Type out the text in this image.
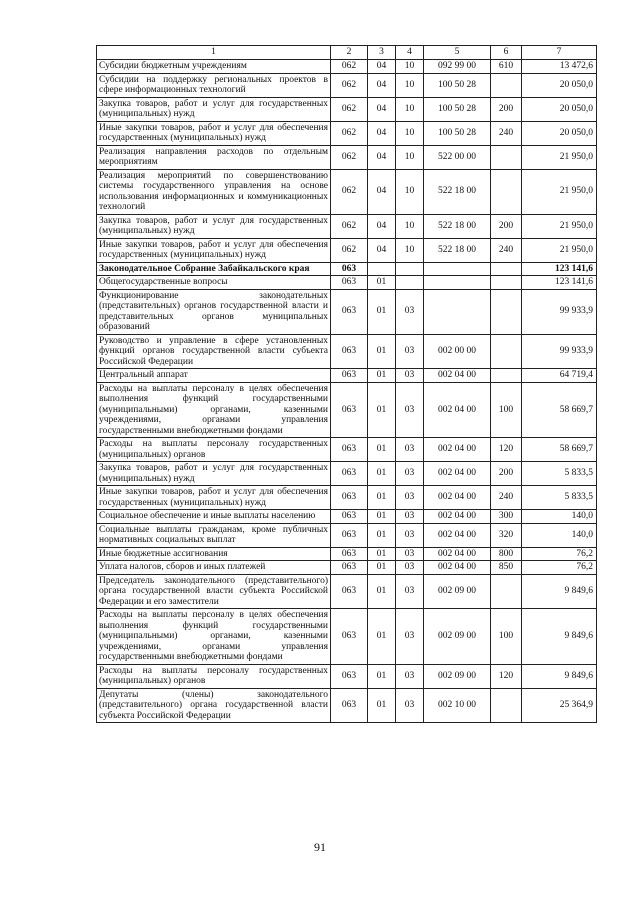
1	2	3	4	5	6	7
Субсидии бюджетным учреждениям	062	04	10	092 99 00	610	13 472,6
Субсидии на поддержку региональных проектов в сфере информационных технологий	062	04	10	100 50 28		20 050,0
Закупка товаров, работ и услуг для государственных (муниципальных) нужд	062	04	10	100 50 28	200	20 050,0
Иные закупки товаров, работ и услуг для обеспечения государственных (муниципальных) нужд	062	04	10	100 50 28	240	20 050,0
Реализация направления расходов по отдельным мероприятиям	062	04	10	522 00 00		21 950,0
Реализация мероприятий по совершенствованию системы государственного управления на основе использования информационных и коммуникационных технологий	062	04	10	522 18 00		21 950,0
Закупка товаров, работ и услуг для государственных (муниципальных) нужд	062	04	10	522 18 00	200	21 950,0
Иные закупки товаров, работ и услуг для обеспечения государственных (муниципальных) нужд	062	04	10	522 18 00	240	21 950,0
Законодательное Собрание Забайкальского края	063					123 141,6
Общегосударственные вопросы	063	01				123 141,6
Функционирование законодательных (представительных) органов государственной власти и представительных органов муниципальных образований	063	01	03			99 933,9
Руководство и управление в сфере установленных функций органов государственной власти субъекта Российской Федерации	063	01	03	002 00 00		99 933,9
Центральный аппарат	063	01	03	002 04 00		64 719,4
Расходы на выплаты персоналу в целях обеспечения выполнения функций государственными (муниципальными) органами, казенными учреждениями, органами управления государственными внебюджетными фондами	063	01	03	002 04 00	100	58 669,7
Расходы на выплаты персоналу государственных (муниципальных) органов	063	01	03	002 04 00	120	58 669,7
Закупка товаров, работ и услуг для государственных (муниципальных) нужд	063	01	03	002 04 00	200	5 833,5
Иные закупки товаров, работ и услуг для обеспечения государственных (муниципальных) нужд	063	01	03	002 04 00	240	5 833,5
Социальное обеспечение и иные выплаты населению	063	01	03	002 04 00	300	140,0
Социальные выплаты гражданам, кроме публичных нормативных социальных выплат	063	01	03	002 04 00	320	140,0
Иные бюджетные ассигнования	063	01	03	002 04 00	800	76,2
Уплата налогов, сборов и иных платежей	063	01	03	002 04 00	850	76,2
Председатель законодательного (представительного) органа государственной власти субъекта Российской Федерации и его заместители	063	01	03	002 09 00		9 849,6
Расходы на выплаты персоналу в целях обеспечения выполнения функций государственными (муниципальными) органами, казенными учреждениями, органами управления государственными внебюджетными фондами	063	01	03	002 09 00	100	9 849,6
Расходы на выплаты персоналу государственных (муниципальных) органов	063	01	03	002 09 00	120	9 849,6
Депутаты (члены) законодательного (представительного) органа государственной власти субъекта Российской Федерации	063	01	03	002 10 00		25 364,9
91
